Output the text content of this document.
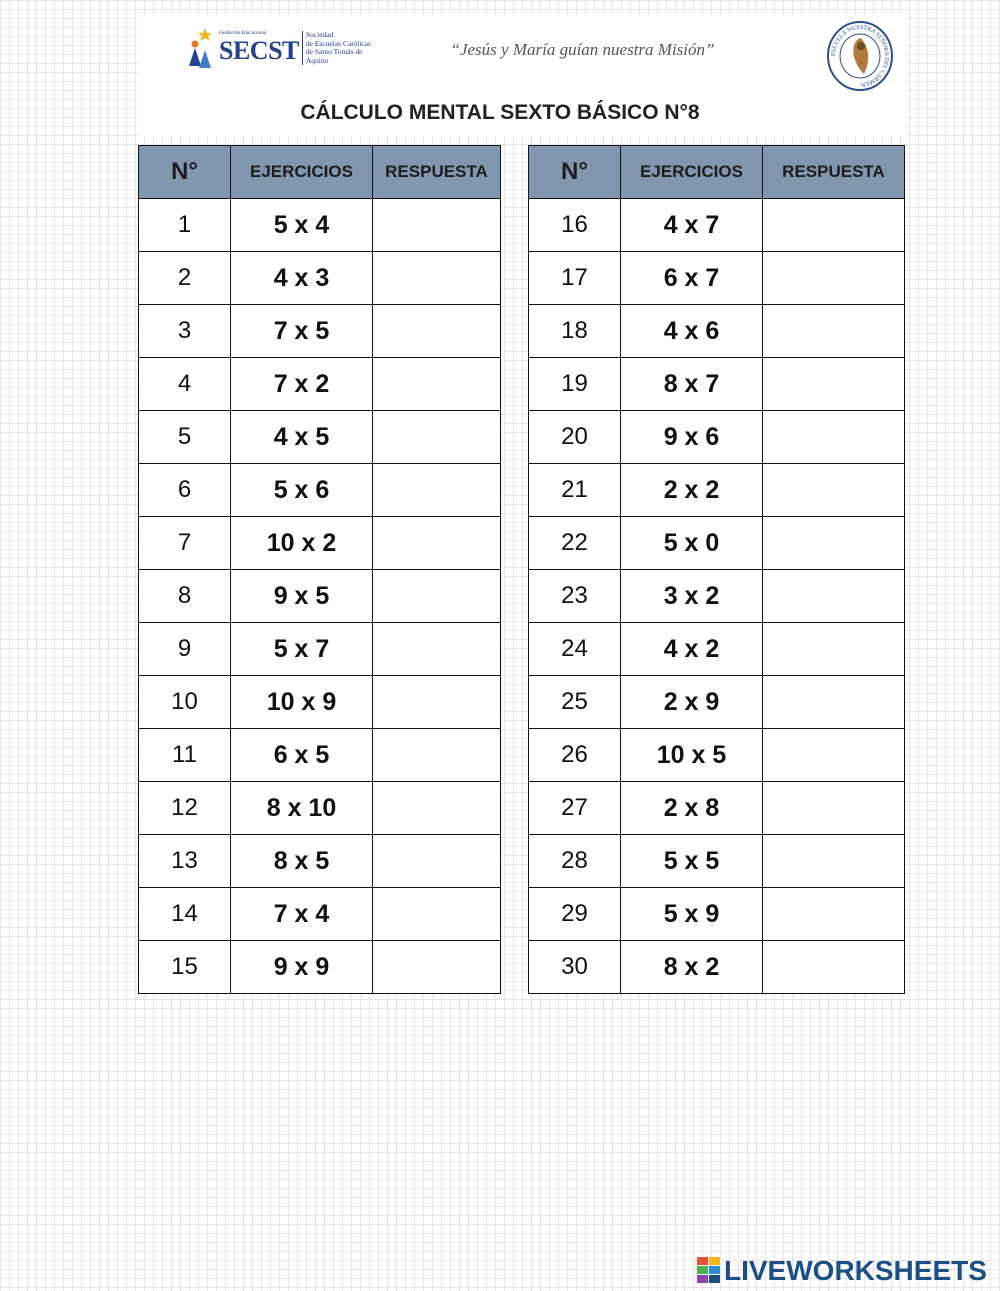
Fundación Educacional
SECST
Sociedad
de Escuelas Católicas
de Santo Tomás de Aquino
“Jesús y María guían nuestra Misión”	ESCUELA NUESTRA SEÑORA DEL CARMEN
CÁLCULO MENTAL SEXTO BÁSICO N°8
N°	EJERCICIOS	RESPUESTA
1	5 x 4	
2	4 x 3	
3	7 x 5	
4	7 x 2	
5	4 x 5	
6	5 x 6	
7	10 x 2	
8	9 x 5	
9	5 x 7	
10	10 x 9	
11	6 x 5	
12	8 x 10	
13	8 x 5	
14	7 x 4	
15	9 x 9	
N°	EJERCICIOS	RESPUESTA
16	4 x 7	
17	6 x 7	
18	4 x 6	
19	8 x 7	
20	9 x 6	
21	2 x 2	
22	5 x 0	
23	3 x 2	
24	4 x 2	
25	2 x 9	
26	10 x 5	
27	2 x 8	
28	5 x 5	
29	5 x 9	
30	8 x 2	
LIVEWORKSHEETS
